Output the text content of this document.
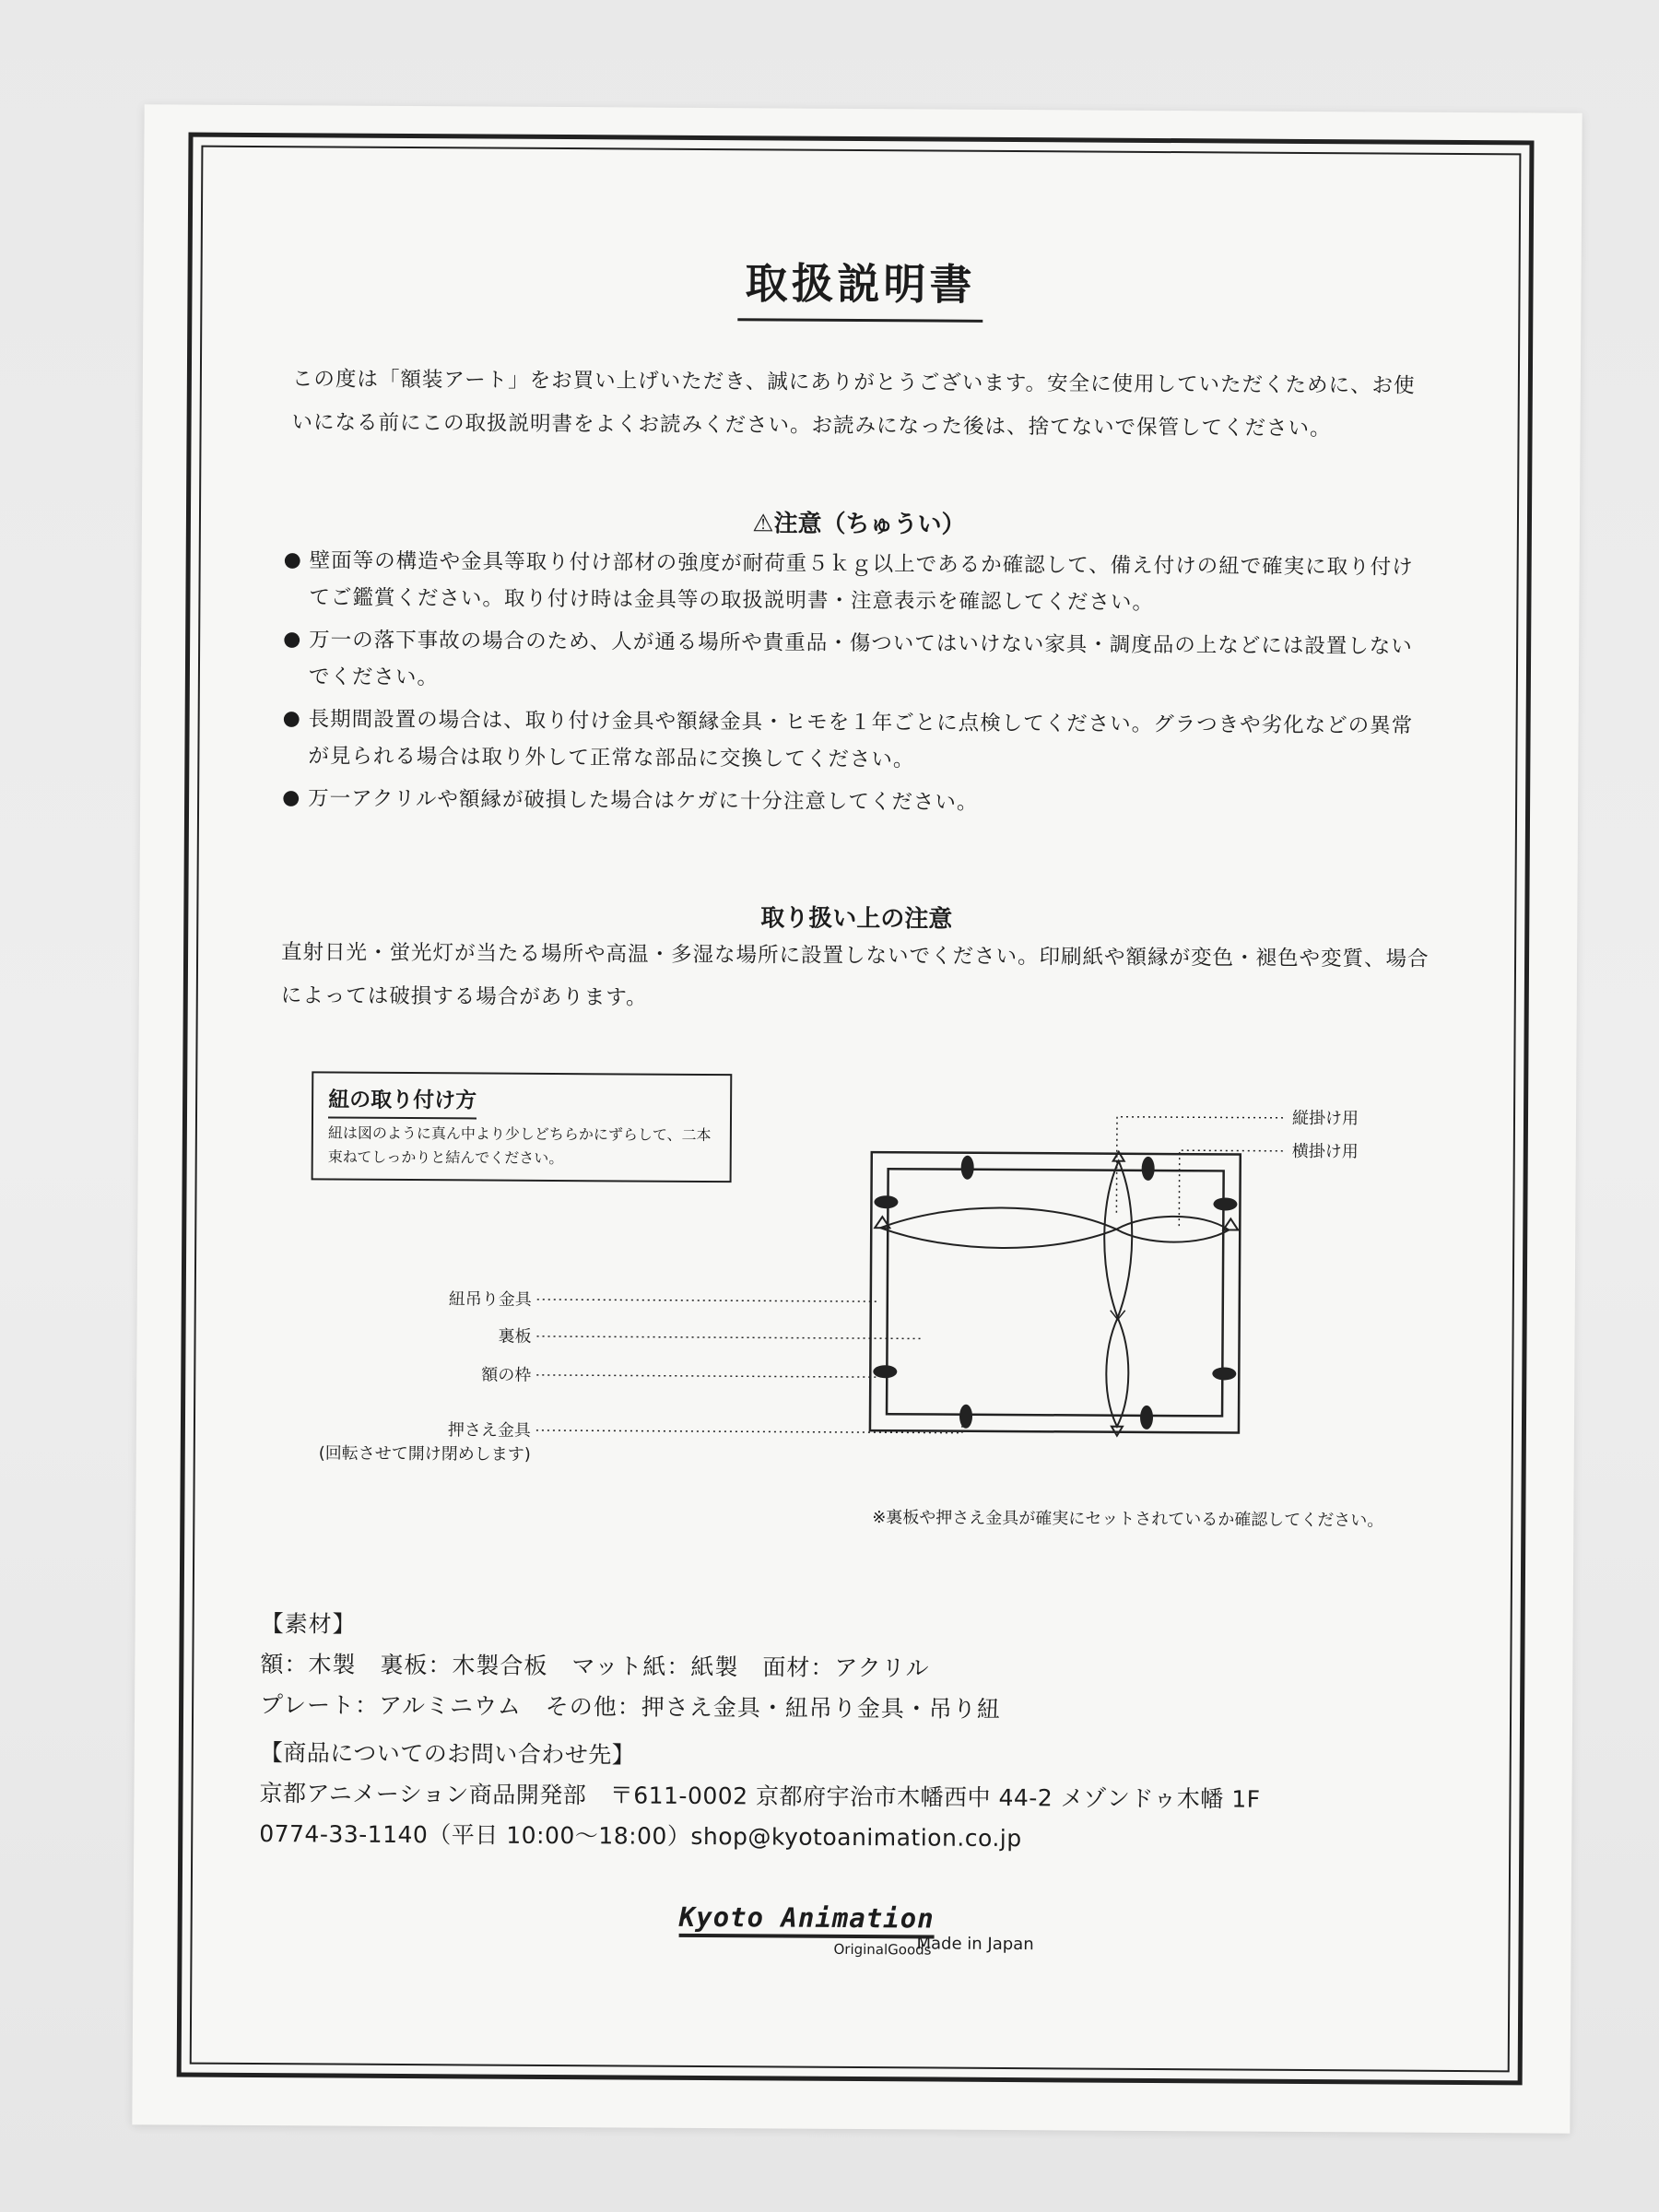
取扱説明書
この度は「額装アート」をお買い上げいただき、誠にありがとうございます。安全に使用していただくために、お使いになる前にこの取扱説明書をよくお読みください。お読みになった後は、捨てないで保管してください。
⚠注意（ちゅうい）
● 壁面等の構造や金具等取り付け部材の強度が耐荷重５ｋｇ以上であるか確認して、備え付けの紐で確実に取り付けてご鑑賞ください。取り付け時は金具等の取扱説明書・注意表示を確認してください。
● 万一の落下事故の場合のため、人が通る場所や貴重品・傷ついてはいけない家具・調度品の上などには設置しないでください。
● 長期間設置の場合は、取り付け金具や額縁金具・ヒモを１年ごとに点検してください。グラつきや劣化などの異常が見られる場合は取り外して正常な部品に交換してください。
● 万一アクリルや額縁が破損した場合はケガに十分注意してください。
取り扱い上の注意
直射日光・蛍光灯が当たる場所や高温・多湿な場所に設置しないでください。印刷紙や額縁が変色・褪色や変質、場合によっては破損する場合があります。
紐の取り付け方
紐は図のように真ん中より少しどちらかにずらして、二本束ねてしっかりと結んでください。
縦掛け用
横掛け用
紐吊り金具
裏板
額の枠
押さえ金具
(回転させて開け閉めします)
※裏板や押さえ金具が確実にセットされているか確認してください。
【素材】
額：木製　裏板：木製合板　マット紙：紙製　面材：アクリル
プレート：アルミニウム　その他：押さえ金具・紐吊り金具・吊り紐
【商品についてのお問い合わせ先】
京都アニメーション商品開発部　〒611-0002 京都府宇治市木幡西中 44-2 メゾンドゥ木幡 1F
0774-33-1140（平日 10:00～18:00）shop@kyotoanimation.co.jp
Kyoto Animation
OriginalGoods
Made in Japan
